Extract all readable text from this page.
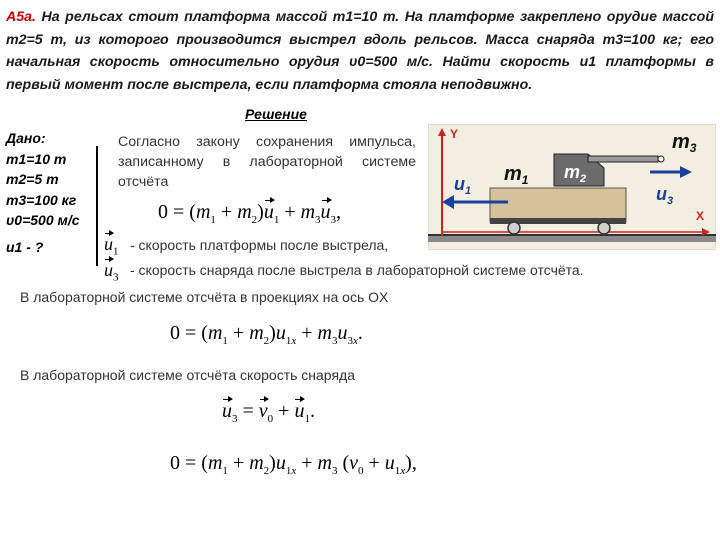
А5а. На рельсах стоит платформа массой m1=10 т. На платформе закреплено орудие массой m2=5 т, из которого производится выстрел вдоль рельсов. Масса снаряда m3=100 кг; его начальная скорость относительно орудия υ0=500 м/с. Найти скорость u1 платформы в первый момент после выстрела, если платформа стояла неподвижно.
Решение
Дано:
m1=10 т
m2=5 т
m3=100 кг
υ0=500 м/с
u1 - ?
Согласно закону сохранения импульса, записанному в лабораторной системе отсчёта
$0 = (m_1 + m_2)u_1 + m_3u_3$,
$u_1$ - скорость платформы после выстрела,
$u_3$ - скорость снаряда после выстрела в лабораторной системе отсчёта.
В лабораторной системе отсчёта в проекциях на ось OX
$0 = (m_1 + m_2)u_{1x} + m_3u_{3x}$.
В лабораторной системе отсчёта скорость снаряда
$u_3 = v_0 + u_1$.
$0 = (m_1 + m_2)u_{1x} + m_3$ $(v_0 + u_{1x})$,
Y
X
$m_1$ $m_2$
$m_3$
$u_1$	$u_3$
